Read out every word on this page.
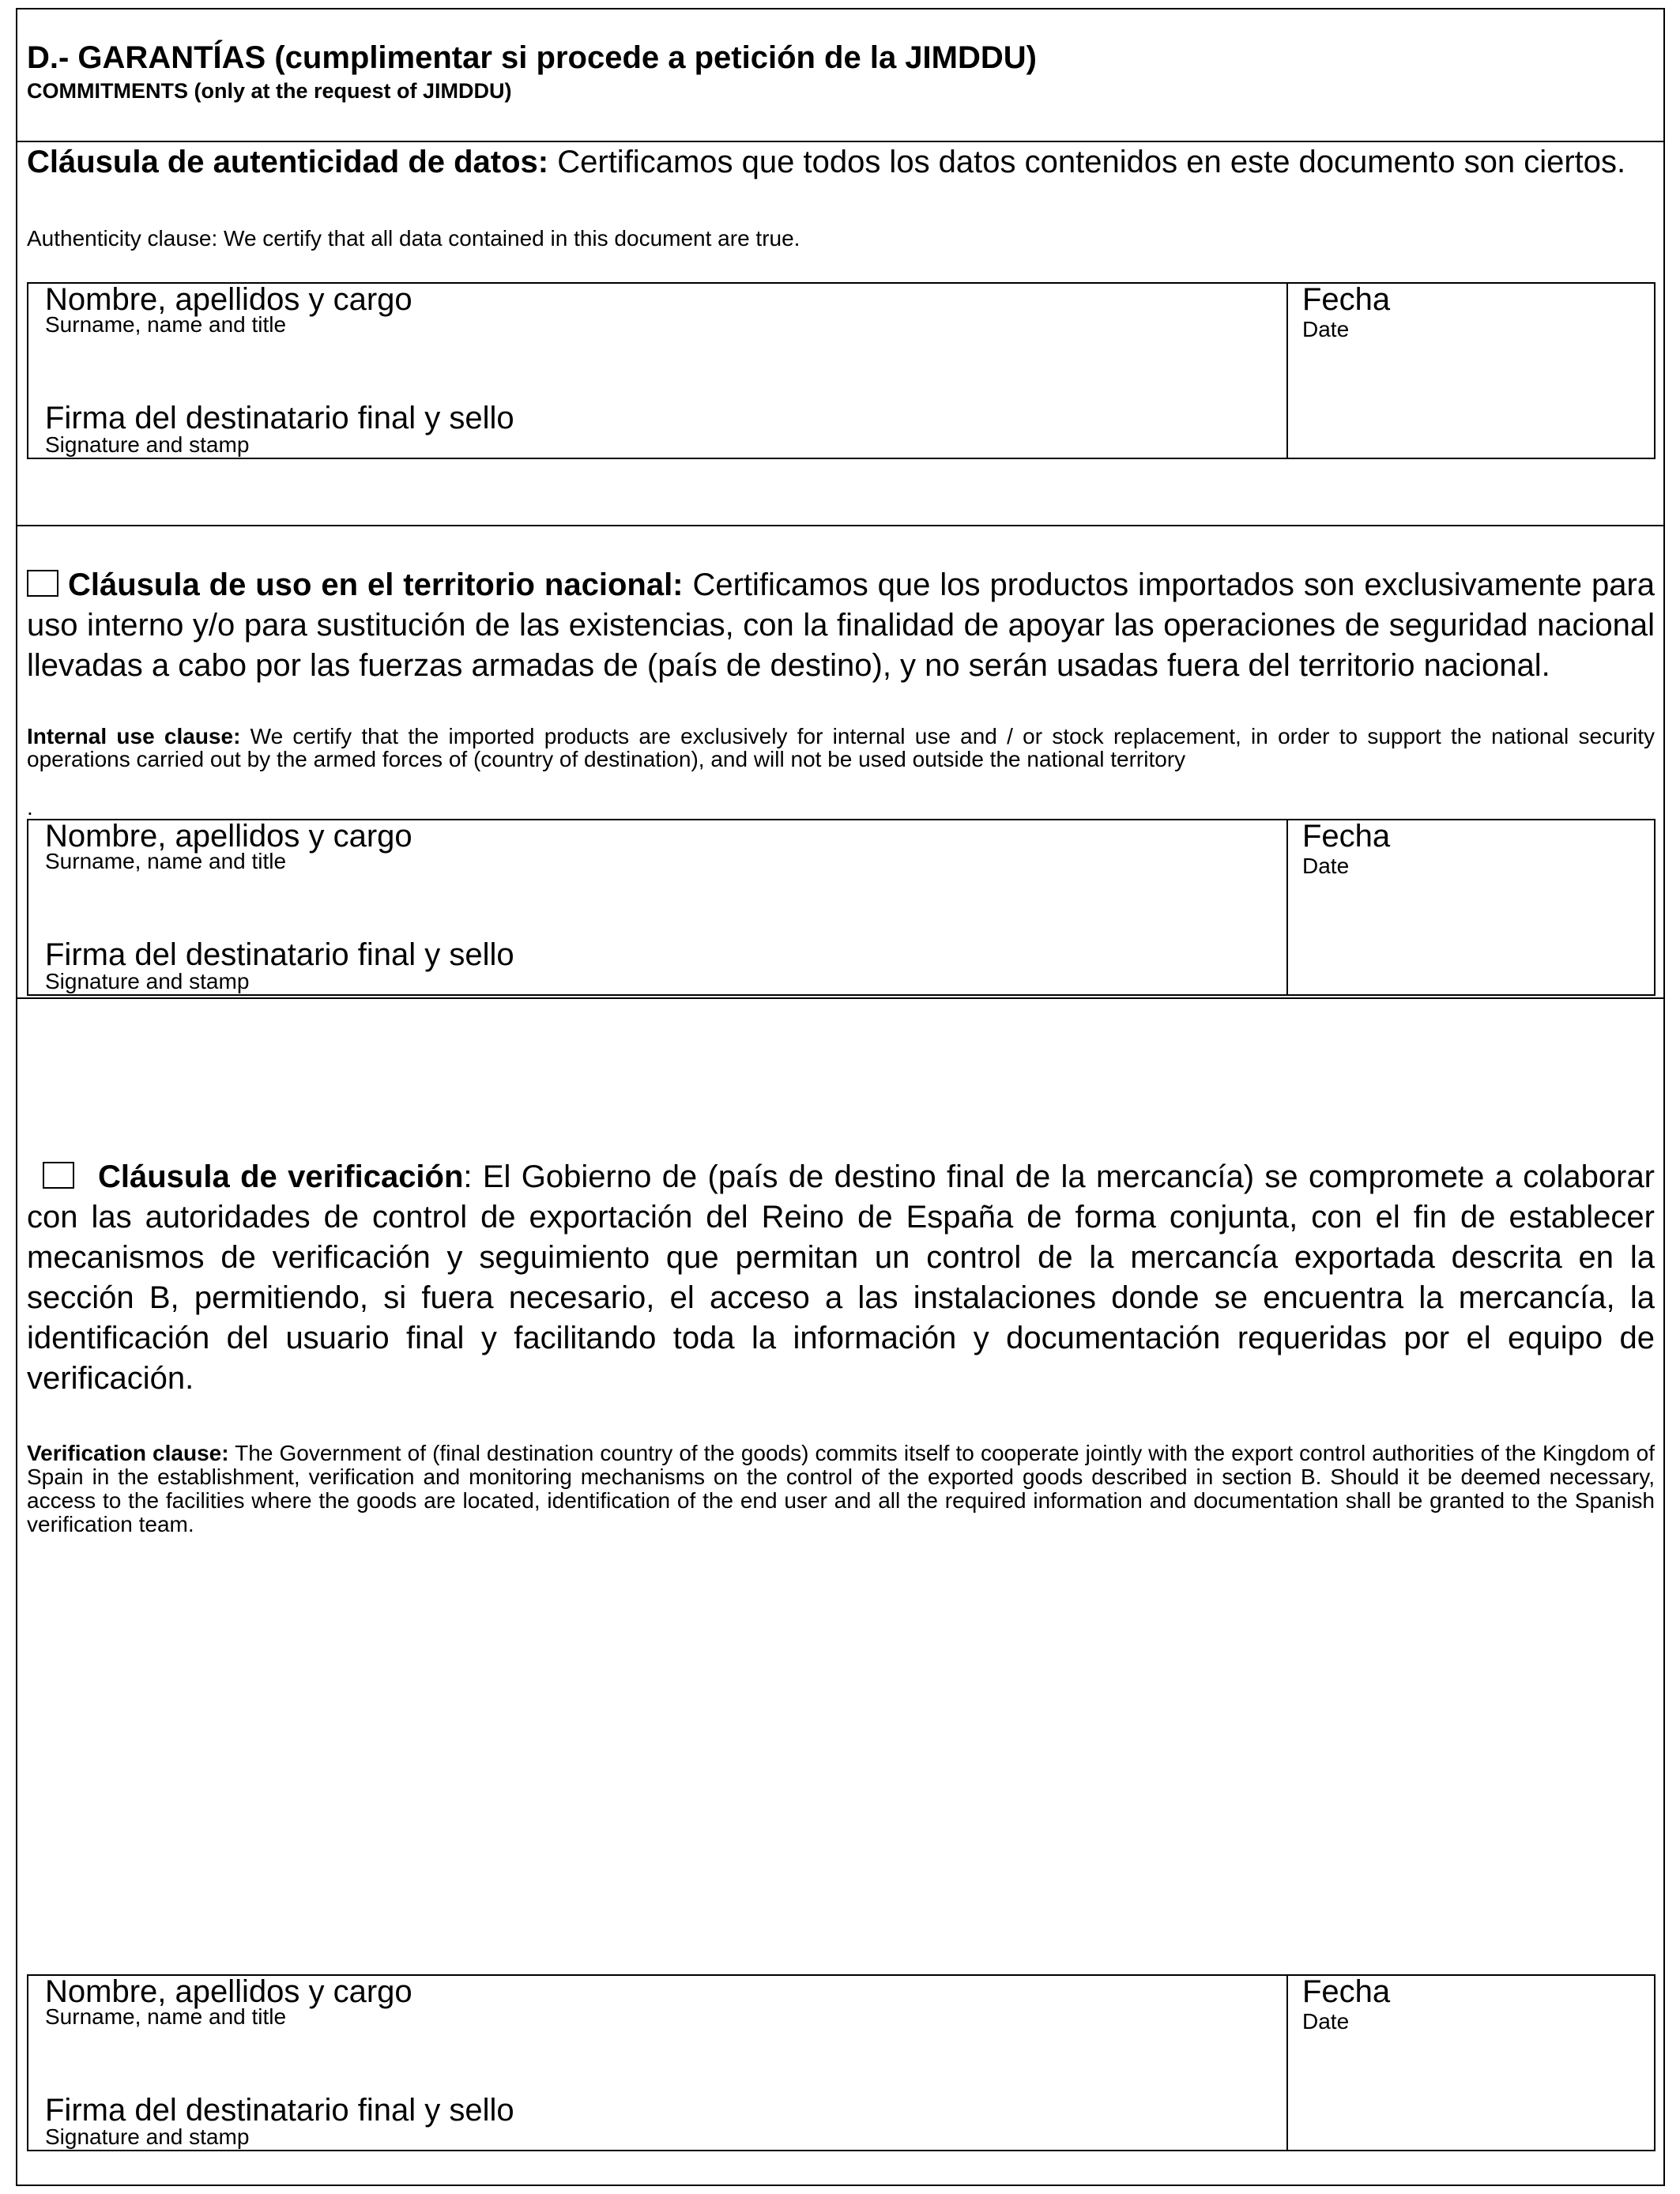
D.- GARANTÍAS (cumplimentar si procede a petición de la JIMDDU)
COMMITMENTS (only at the request of JIMDDU)
Cláusula de autenticidad de datos: Certificamos que todos los datos contenidos en este documento son ciertos.
Authenticity clause: We certify that all data contained in this document are true.
Nombre, apellidos y cargo
Surname, name and title
Firma del destinatario final y sello
Signature and stamp
Fecha
Date
Cláusula de uso en el territorio nacional: Certificamos que los productos importados son exclusivamente para uso interno y/o para sustitución de las existencias, con la finalidad de apoyar las operaciones de seguridad nacional llevadas a cabo por las fuerzas armadas de (país de destino), y no serán usadas fuera del territorio nacional.
Internal use clause: We certify that the imported products are exclusively for internal use and / or stock replacement, in order to support the national security operations carried out by the armed forces of (country of destination), and will not be used outside the national territory
.
Nombre, apellidos y cargo
Surname, name and title
Firma del destinatario final y sello
Signature and stamp
Fecha
Date
Cláusula de verificación: El Gobierno de (país de destino final de la mercancía) se compromete a colaborar con las autoridades de control de exportación del Reino de España de forma conjunta, con el fin de establecer mecanismos de verificación y seguimiento que permitan un control de la mercancía exportada descrita en la sección B, permitiendo, si fuera necesario, el acceso a las instalaciones donde se encuentra la mercancía, la identificación del usuario final y facilitando toda la información y documentación requeridas por el equipo de verificación.
Verification clause: The Government of (final destination country of the goods) commits itself to cooperate jointly with the export control authorities of the Kingdom of Spain in the establishment, verification and monitoring mechanisms on the control of the exported goods described in section B. Should it be deemed necessary, access to the facilities where the goods are located, identification of the end user and all the required information and documentation shall be granted to the Spanish verification team.
Nombre, apellidos y cargo
Surname, name and title
Firma del destinatario final y sello
Signature and stamp
Fecha
Date
